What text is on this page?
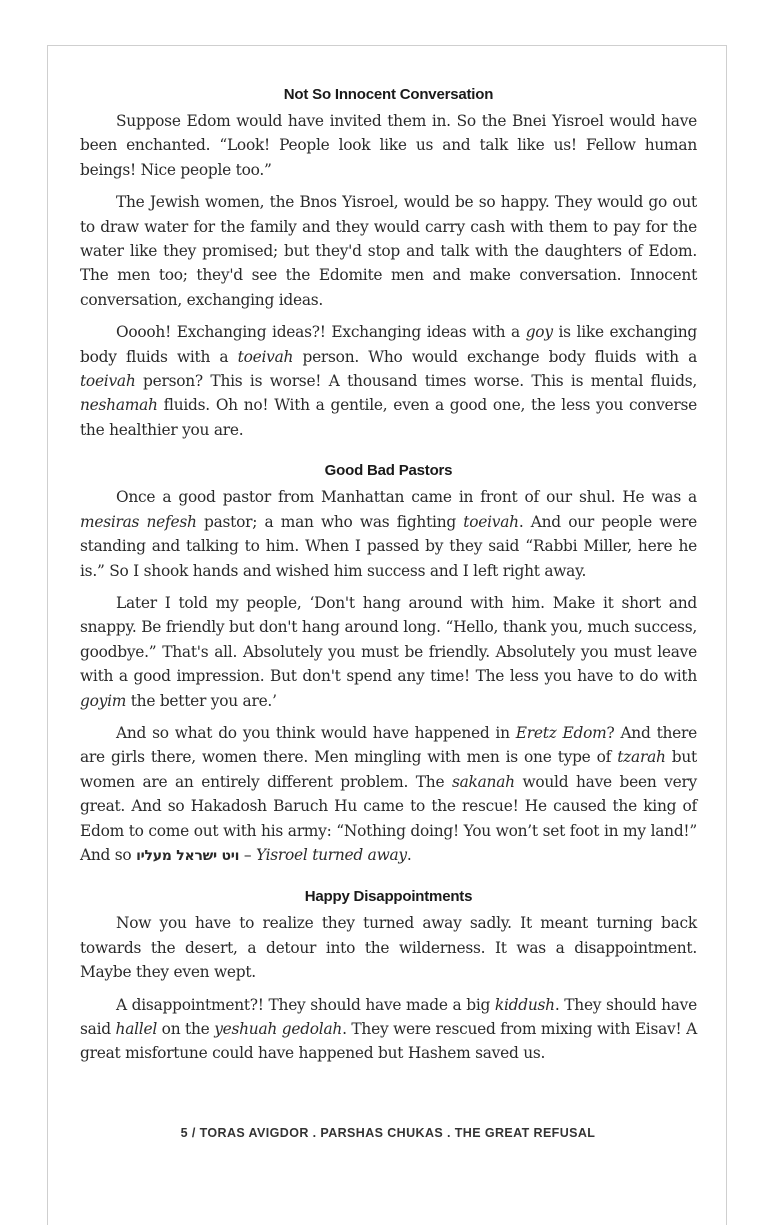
Not So Innocent Conversation

Suppose Edom would have invited them in. So the Bnei Yisroel would have been enchanted. “Look! People look like us and talk like us! Fellow human beings! Nice people too.”

The Jewish women, the Bnos Yisroel, would be so happy. They would go out to draw water for the family and they would carry cash with them to pay for the water like they promised; but they'd stop and talk with the daughters of Edom. The men too; they'd see the Edomite men and make conversation. Innocent conversation, exchanging ideas.

Ooooh! Exchanging ideas?! Exchanging ideas with a goy is like exchanging body fluids with a toeivah person. Who would exchange body fluids with a toeivah person? This is worse! A thousand times worse. This is mental fluids, neshamah fluids. Oh no! With a gentile, even a good one, the less you converse the healthier you are.

Good Bad Pastors

Once a good pastor from Manhattan came in front of our shul. He was a mesiras nefesh pastor; a man who was fighting toeivah. And our people were standing and talking to him. When I passed by they said “Rabbi Miller, here he is.” So I shook hands and wished him success and I left right away.

Later I told my people, ‘Don't hang around with him. Make it short and snappy. Be friendly but don't hang around long. “Hello, thank you, much success, goodbye.” That's all. Absolutely you must be friendly. Absolutely you must leave with a good impression. But don't spend any time! The less you have to do with goyim the better you are.’

And so what do you think would have happened in Eretz Edom? And there are girls there, women there. Men mingling with men is one type of tzarah but women are an entirely different problem. The sakanah would have been very great. And so Hakadosh Baruch Hu came to the rescue! He caused the king of Edom to come out with his army: “Nothing doing! You won’t set foot in my land!” And so ויט ישראל מעליו – Yisroel turned away.

Happy Disappointments

Now you have to realize they turned away sadly. It meant turning back towards the desert, a detour into the wilderness. It was a disappointment. Maybe they even wept.

A disappointment?! They should have made a big kiddush. They should have said hallel on the yeshuah gedolah. They were rescued from mixing with Eisav! A great misfortune could have happened but Hashem saved us.

5 / TORAS AVIGDOR . PARSHAS CHUKAS . THE GREAT REFUSAL
